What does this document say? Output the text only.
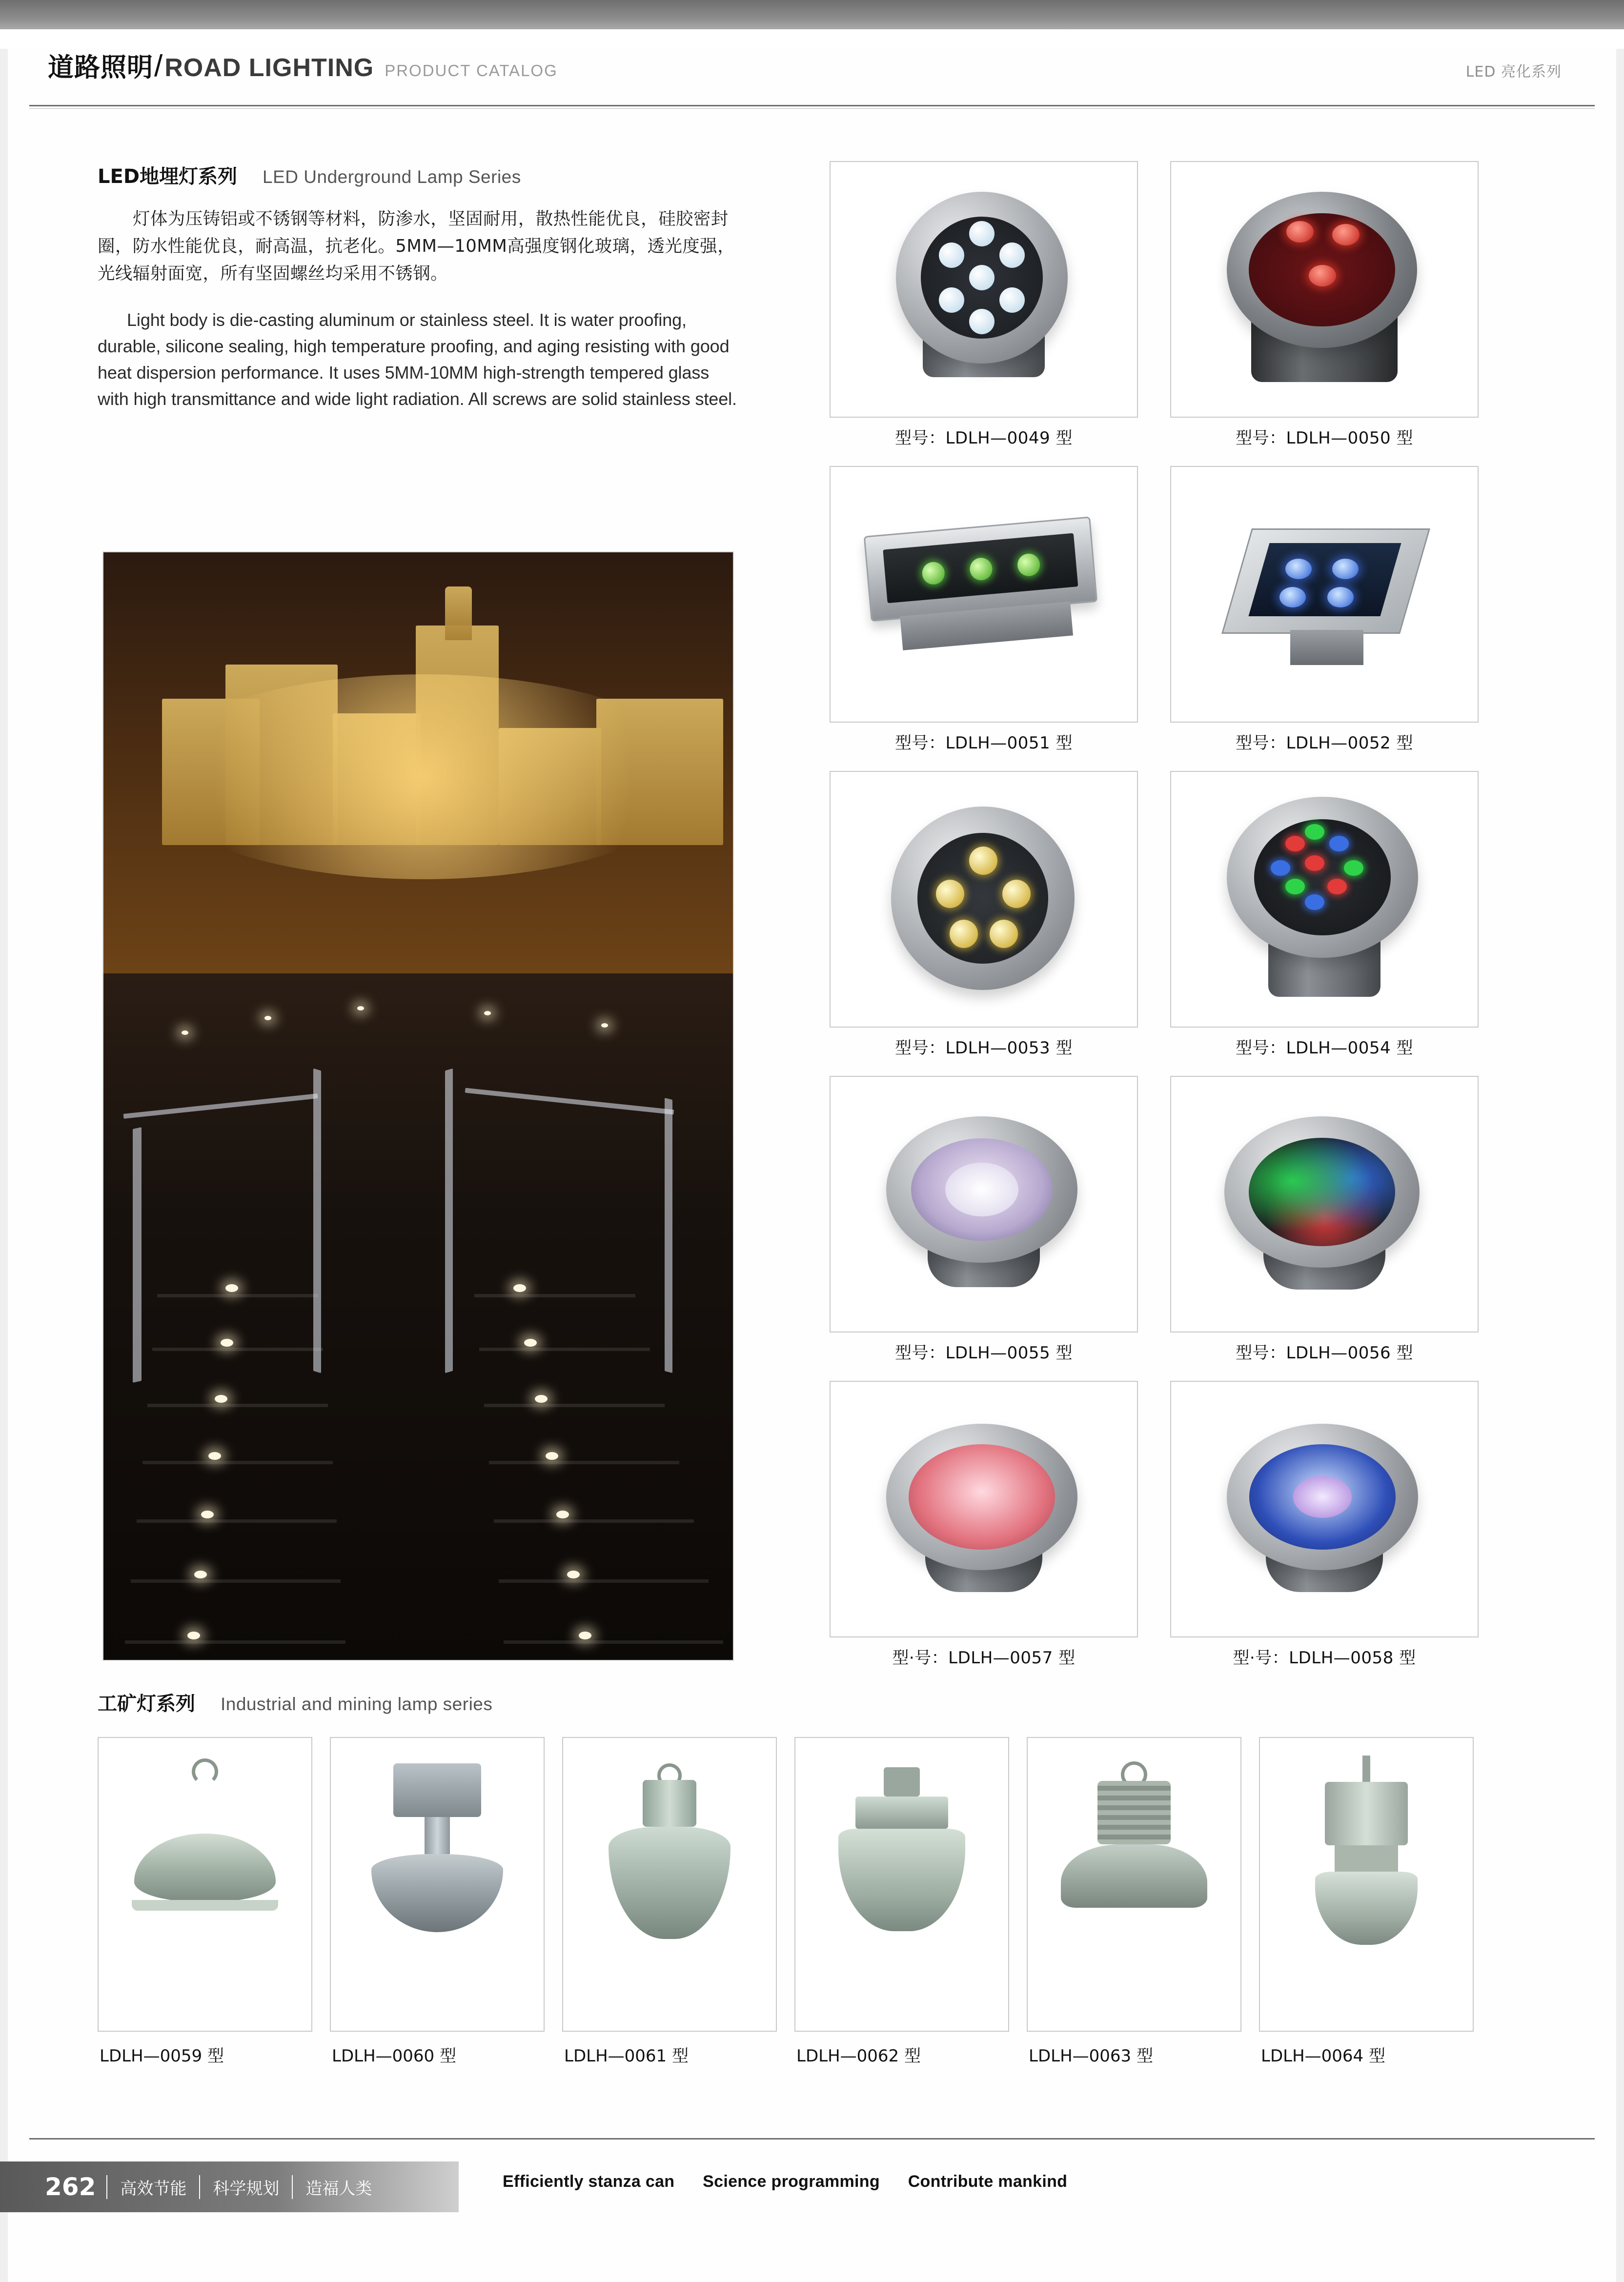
道路照明 / ROAD LIGHTING PRODUCT CATALOG	LED 亮化系列
LED地埋灯系列 LED Underground Lamp Series
灯体为压铸铝或不锈钢等材料，防渗水，坚固耐用，散热性能优良，硅胶密封圈，防水性能优良，耐高温，抗老化。5MM—10MM高强度钢化玻璃，透光度强，光线辐射面宽，所有坚固螺丝均采用不锈钢。
Light body is die-casting aluminum or stainless steel. It is water proofing, durable, silicone sealing, high temperature proofing, and aging resisting with good heat dispersion performance. It uses 5MM-10MM high-strength tempered glass with high transmittance and wide light radiation. All screws are solid stainless steel.
型号：LDLH—0049 型	型号：LDLH—0050 型
型号：LDLH—0051 型	型号：LDLH—0052 型
型号：LDLH—0053 型	型号：LDLH—0054 型
型号：LDLH—0055 型	型号：LDLH—0056 型
型·号：LDLH—0057 型	型·号：LDLH—0058 型
工矿灯系列 Industrial and mining lamp series
LDLH—0059 型	LDLH—0060 型	LDLH—0061 型	LDLH—0062 型	LDLH—0063 型	LDLH—0064 型
262	高效节能	科学规划	造福人类	Efficiently stanza can Science programming Contribute mankind
